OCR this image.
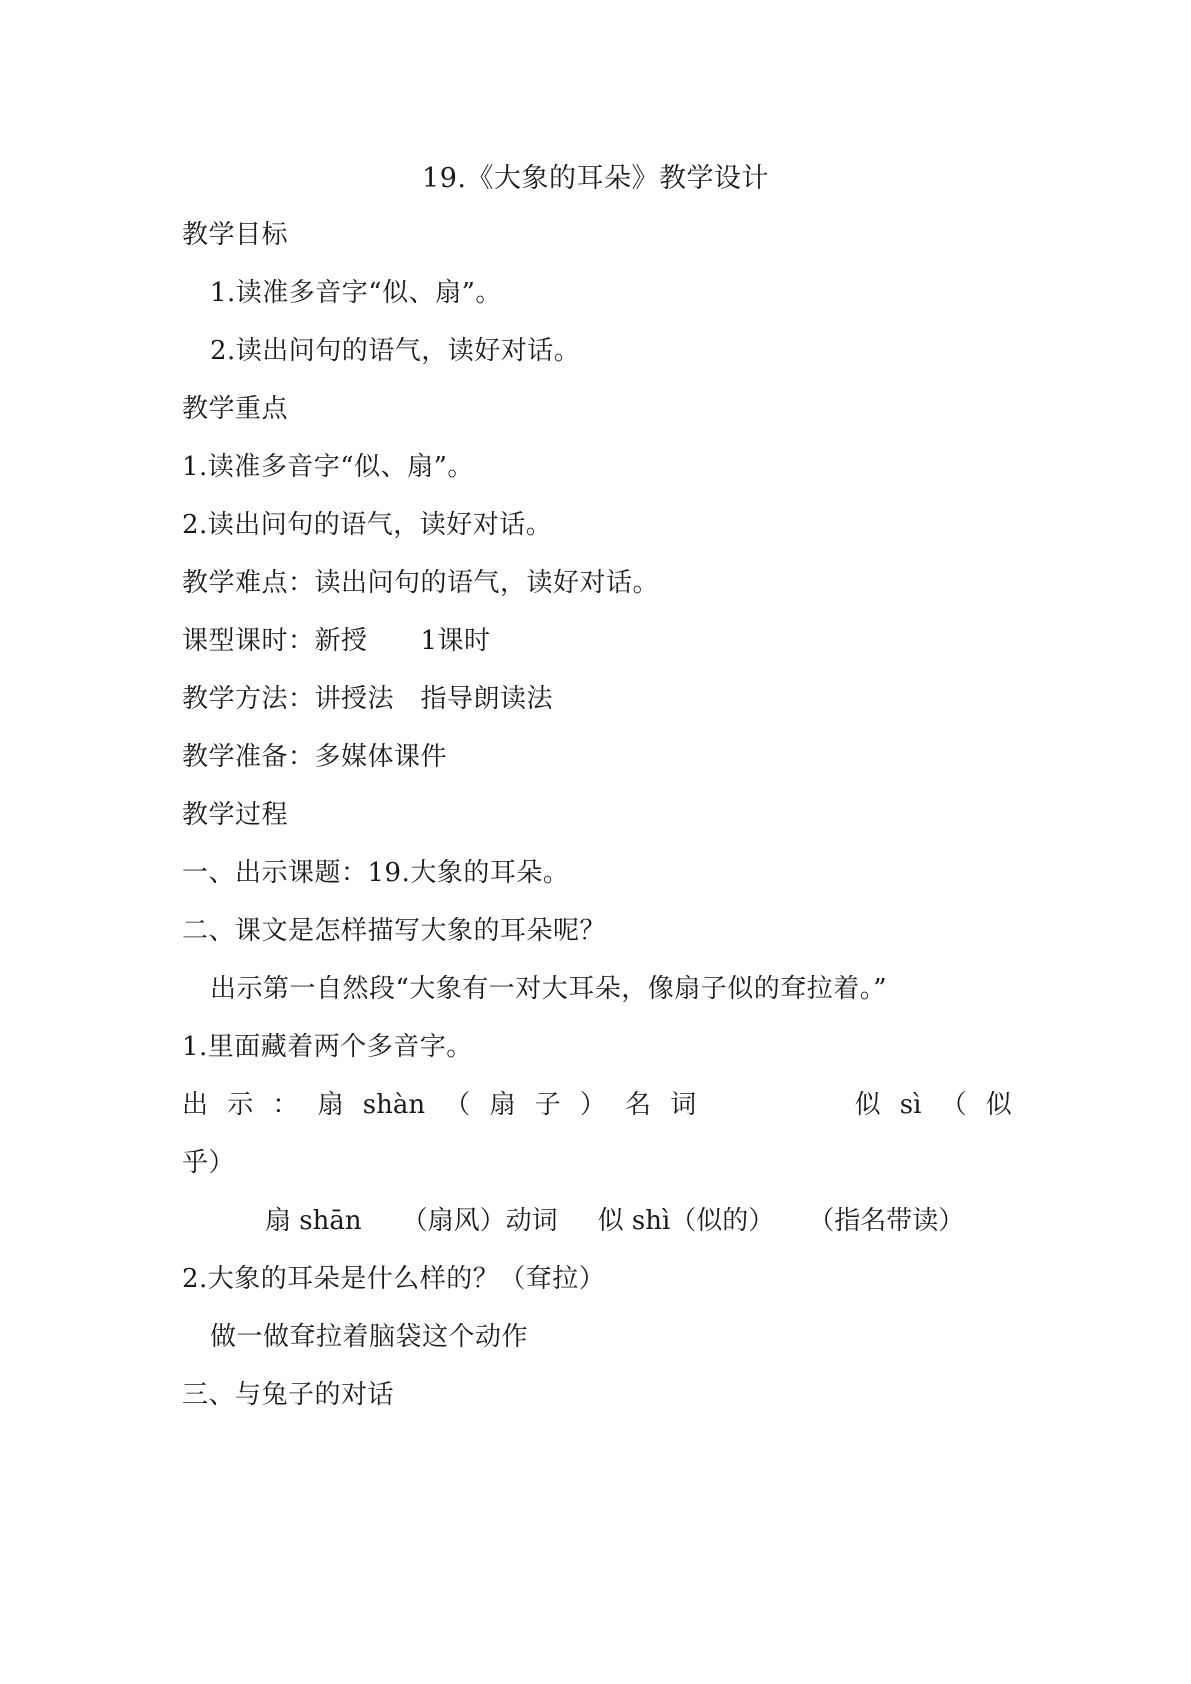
19.《大象的耳朵》教学设计
教学目标
1.读准多音字“似、扇”。
2.读出问句的语气，读好对话。
教学重点
1.读准多音字“似、扇”。
2.读出问句的语气，读好对话。
教学难点：读出问句的语气，读好对话。
课型课时：新授　　1课时
教学方法：讲授法　指导朗读法
教学准备：多媒体课件
教学过程
一、出示课题：19.大象的耳朵。
二、课文是怎样描写大象的耳朵呢？
出示第一自然段“大象有一对大耳朵，像扇子似的耷拉着。”
1.里面藏着两个多音字。
出 示 ： 扇 shàn （ 扇 子 ） 名 词	似 sì （ 似
乎）
扇 shān （扇风）动词 似 shì（似的） （指名带读）
2.大象的耳朵是什么样的？（耷拉）
做一做耷拉着脑袋这个动作
三、与兔子的对话
